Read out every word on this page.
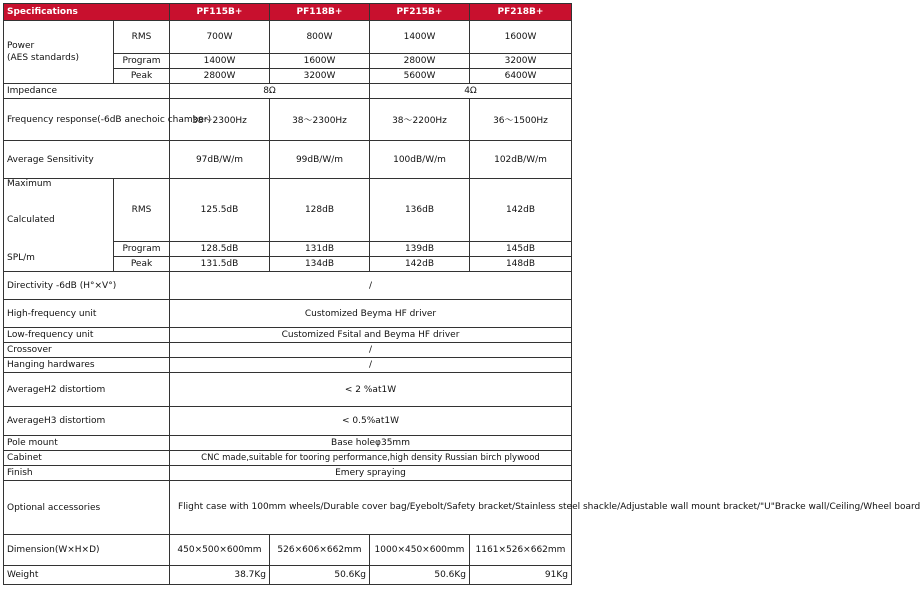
Specifications		PF115B+	PF118B+	PF215B+	PF218B+
Power
(AES standards)	RMS	700W	800W	1400W	1600W
	Program	1400W	1600W	2800W	3200W
	Peak	2800W	3200W	5600W	6400W
Impedance		8Ω		4Ω	
Frequency response(-6dB anechoic chamber)		38～2300Hz	38～2300Hz	38～2200Hz	36～1500Hz
Average Sensitivity		97dB/W/m	99dB/W/m	100dB/W/m	102dB/W/m

Maximum
Calculated
SPL/m	RMS	125.5dB	128dB	136dB	142dB
	Program	128.5dB	131dB	139dB	145dB
	Peak	131.5dB	134dB	142dB	148dB
Directivity -6dB (H°×V°)		/			
High-frequency unit		Customized Beyma HF driver			
Low-frequency unit		Customized Fsital and Beyma HF driver			
Crossover		/			
Hanging hardwares		/			
AverageH2 distortiom		< 2 %at1W			
AverageH3 distortiom		< 0.5%at1W			
Pole mount		Base holeφ35mm			
Cabinet		CNC made,suitable for tooring performance,high density Russian birch plywood			
Finish		Emery spraying			
Optional accessories		Flight case with 100mm wheels/Durable cover bag/Eyebolt/Safety bracket/Stainless steel shackle/Adjustable wall mount bracket/"U"Bracke wall/Ceiling/Wheel board			
Dimension(W×H×D)		450×500×600mm	526×606×662mm	1000×450×600mm	1161×526×662mm
Weight		38.7Kg	50.6Kg	50.6Kg	91Kg
